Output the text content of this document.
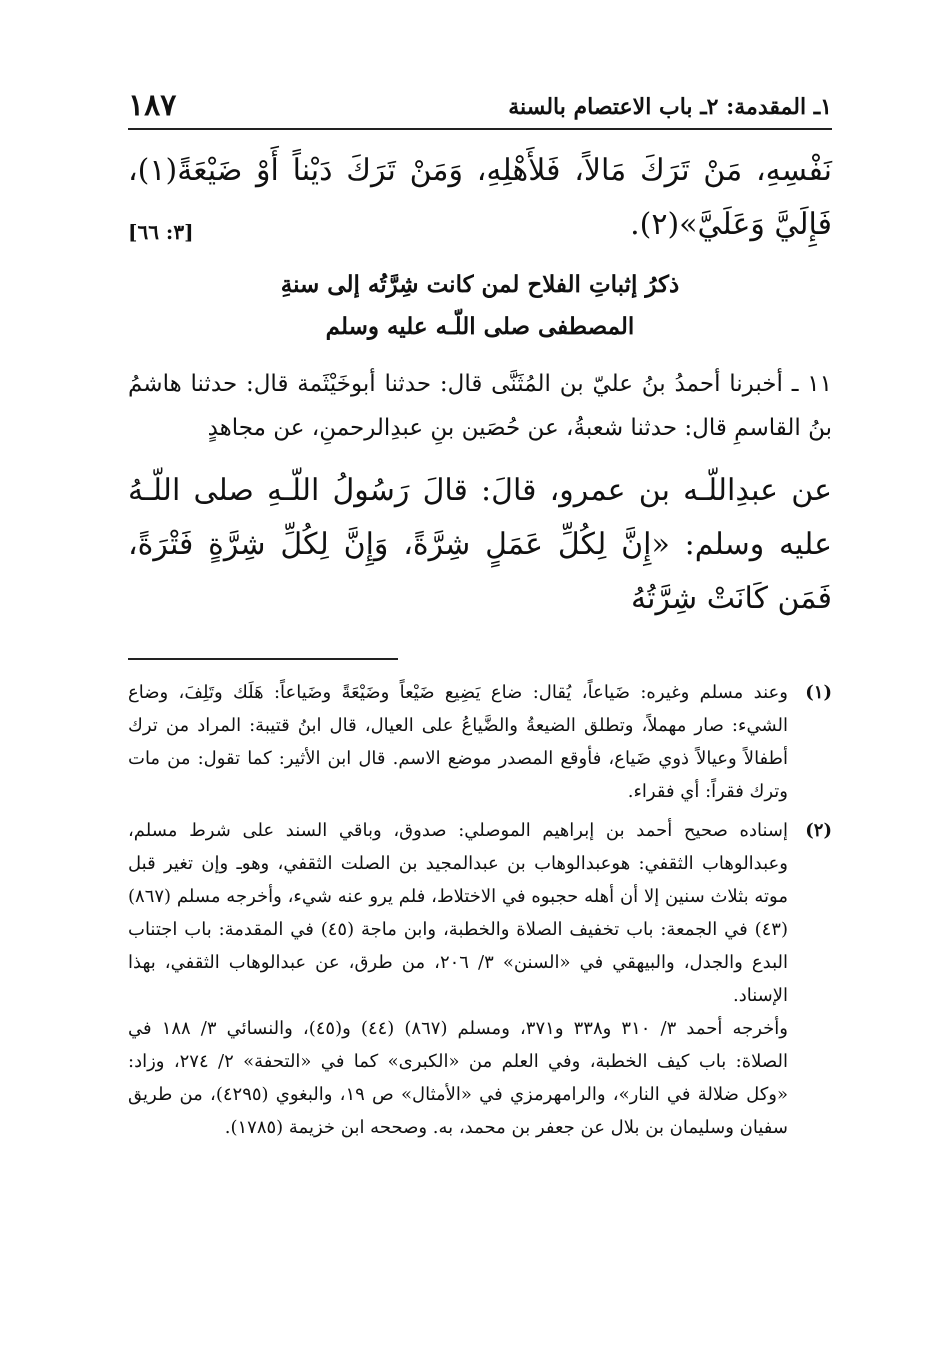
١ـ المقدمة: ٢ـ باب الاعتصام بالسنة
١٨٧
نَفْسِهِ، مَنْ تَرَكَ مَالاً، فَلأَهْلِهِ، وَمَنْ تَرَكَ دَيْناً أَوْ ضَيْعَةً(١)، فَإِلَيَّ وَعَلَيَّ»(٢).
[٣: ٦٦]
ذكرُ إثباتِ الفلاح لمن كانت شِرَّتُه إلى سنةِ
المصطفى صلى اللّـه عليه وسلم
١١ ـ أخبرنا أحمدُ بنُ عليّ بن المُثَنَّى قال: حدثنا أبوخَيْثَمة قال: حدثنا هاشمُ بنُ القاسمِ قال: حدثنا شعبةُ، عن حُصَين بنِ عبدِالرحمنِ، عن مجاهدٍ
عن عبدِاللّـه بن عمرو، قالَ: قالَ رَسُولُ اللّـهِ صلى اللّـهُ عليه وسلم: «إِنَّ لِكُلِّ عَمَلٍ شِرَّةً، وَإِنَّ لِكُلِّ شِرَّةٍ فَتْرَةً، فَمَن كَانَتْ شِرَّتُهُ
(١)

وعند مسلم وغيره: ضَياعاً، يُقال: ضاع يَضِيع ضَيْعاً وضَيْعَةً وضَياعاً: هَلَك وتَلِفَ، وضاع الشيء: صار مهملاً، وتطلق الضيعةُ والضَّياعُ على العيال، قال ابنُ قتيبة: المراد من ترك أطفالاً وعيالاً ذوي ضَياع، فأوقع المصدر موضع الاسم. قال ابن الأثير: كما تقول: من مات وترك فقراً: أي فقراء.

(٢)

إسناده صحيح أحمد بن إبراهيم الموصلي: صدوق، وباقي السند على شرط مسلم، وعبدالوهاب الثقفي: هوعبدالوهاب بن عبدالمجيد بن الصلت الثقفي، وهوـ وإن تغير قبل موته بثلاث سنين إلا أن أهله حجبوه في الاختلاط، فلم يرو عنه شيء، وأخرجه مسلم (٨٦٧) (٤٣) في الجمعة: باب تخفيف الصلاة والخطبة، وابن ماجة (٤٥) في المقدمة: باب اجتناب البدع والجدل، والبيهقي في «السنن» ٣/ ٢٠٦، من طرق، عن عبدالوهاب الثقفي، بهذا الإسناد.

وأخرجه أحمد ٣/ ٣١٠ و٣٣٨ و٣٧١، ومسلم (٨٦٧) (٤٤) و(٤٥)، والنسائي ٣/ ١٨٨ في الصلاة: باب كيف الخطبة، وفي العلم من «الكبرى» كما في «التحفة» ٢/ ٢٧٤، وزاد: «وكل ضلالة في النار»، والرامهرمزي في «الأمثال» ص ١٩، والبغوي (٤٢٩٥)، من طريق سفيان وسليمان بن بلال عن جعفر بن محمد، به. وصححه ابن خزيمة (١٧٨٥).
